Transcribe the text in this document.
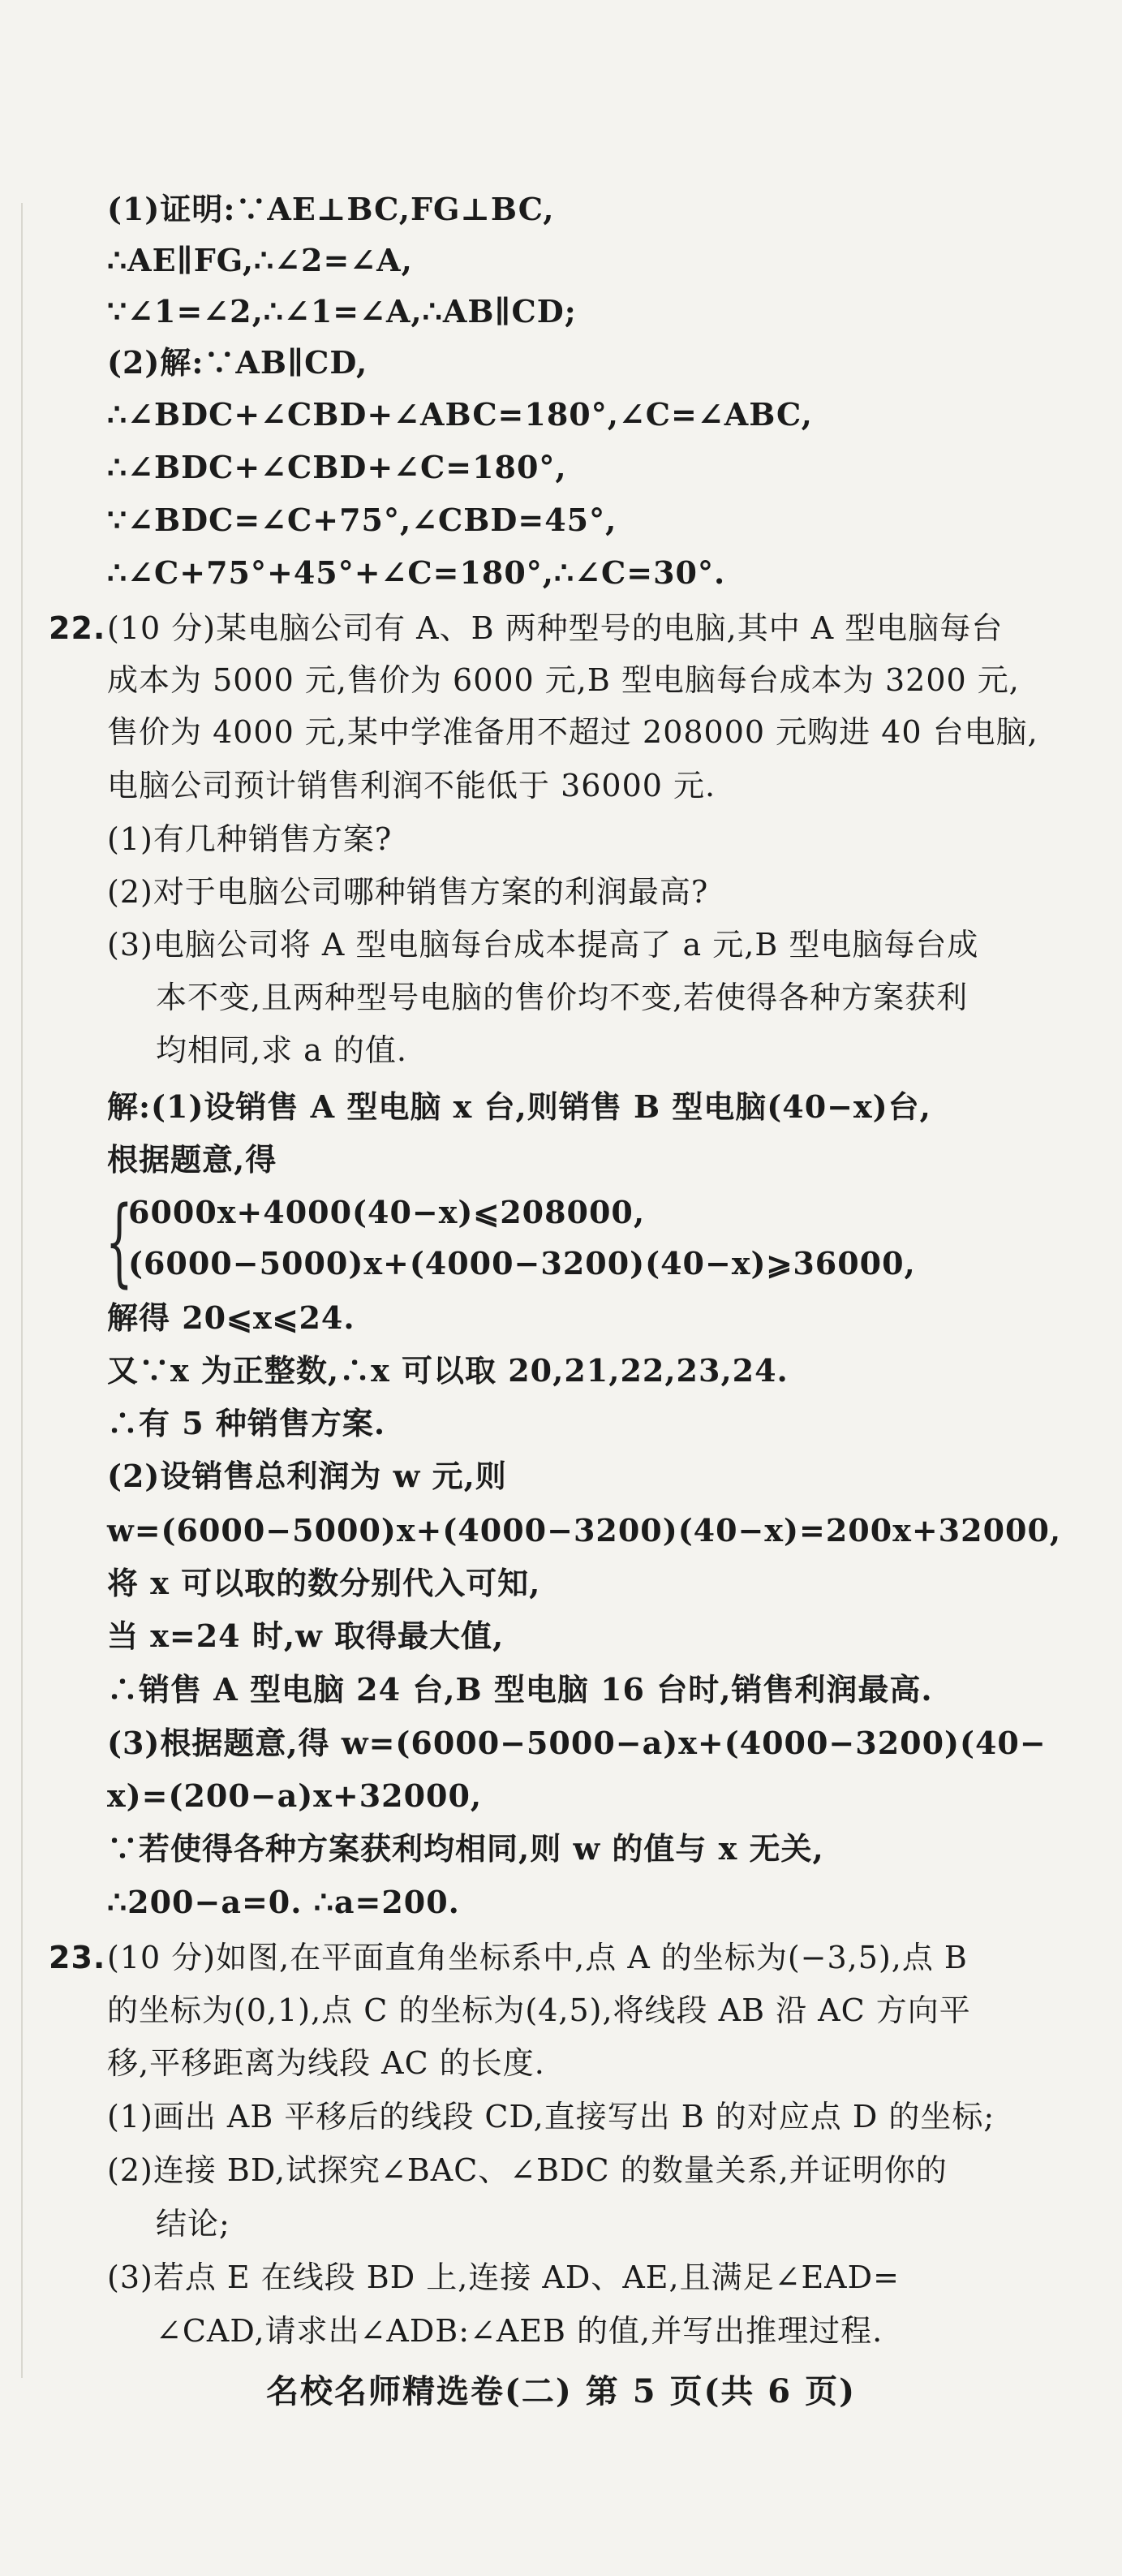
(1)证明:∵AE⊥BC,FG⊥BC,
∴AE∥FG,∴∠2=∠A,
∵∠1=∠2,∴∠1=∠A,∴AB∥CD;
(2)解:∵AB∥CD,
∴∠BDC+∠CBD+∠ABC=180°,∠C=∠ABC,
∴∠BDC+∠CBD+∠C=180°,
∵∠BDC=∠C+75°,∠CBD=45°,
∴∠C+75°+45°+∠C=180°,∴∠C=30°.
22. (10 分)某电脑公司有 A、B 两种型号的电脑,其中 A 型电脑每台
成本为 5000 元,售价为 6000 元,B 型电脑每台成本为 3200 元,
售价为 4000 元,某中学准备用不超过 208000 元购进 40 台电脑,
电脑公司预计销售利润不能低于 36000 元.
(1)有几种销售方案?
(2)对于电脑公司哪种销售方案的利润最高?
(3)电脑公司将 A 型电脑每台成本提高了 a 元,B 型电脑每台成
本不变,且两种型号电脑的售价均不变,若使得各种方案获利
均相同,求 a 的值.
解:(1)设销售 A 型电脑 x 台,则销售 B 型电脑(40−x)台,
根据题意,得
{
6000x+4000(40−x)⩽208000,
(6000−5000)x+(4000−3200)(40−x)⩾36000,
解得 20⩽x⩽24.
又∵x 为正整数,∴x 可以取 20,21,22,23,24.
∴有 5 种销售方案.
(2)设销售总利润为 w 元,则
w=(6000−5000)x+(4000−3200)(40−x)=200x+32000,
将 x 可以取的数分别代入可知,
当 x=24 时,w 取得最大值,
∴销售 A 型电脑 24 台,B 型电脑 16 台时,销售利润最高.
(3)根据题意,得 w=(6000−5000−a)x+(4000−3200)(40−
x)=(200−a)x+32000,
∵若使得各种方案获利均相同,则 w 的值与 x 无关,
∴200−a=0. ∴a=200.
23. (10 分)如图,在平面直角坐标系中,点 A 的坐标为(−3,5),点 B
的坐标为(0,1),点 C 的坐标为(4,5),将线段 AB 沿 AC 方向平
移,平移距离为线段 AC 的长度.
(1)画出 AB 平移后的线段 CD,直接写出 B 的对应点 D 的坐标;
(2)连接 BD,试探究∠BAC、∠BDC 的数量关系,并证明你的
结论;
(3)若点 E 在线段 BD 上,连接 AD、AE,且满足∠EAD=
∠CAD,请求出∠ADB:∠AEB 的值,并写出推理过程.
名校名师精选卷(二) 第 5 页(共 6 页)
